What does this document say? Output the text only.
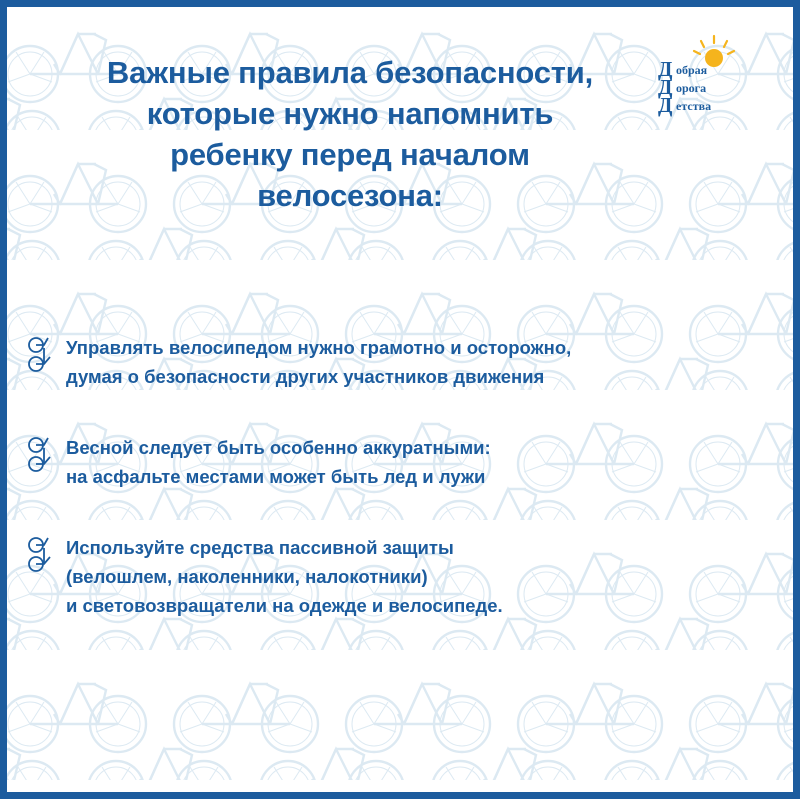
Д
Д
Д
обрая
орога
етства
Важные правила безопасности,
которые нужно напомнить
ребенку перед началом
велосезона:
Управлять велосипедом нужно грамотно и осторожно,
думая о безопасности других участников движения
Весной следует быть особенно аккуратными:
на асфальте местами может быть лед и лужи
Используйте средства пассивной защиты
(велошлем, наколенники, налокотники)
и световозвращатели на одежде и велосипеде.
